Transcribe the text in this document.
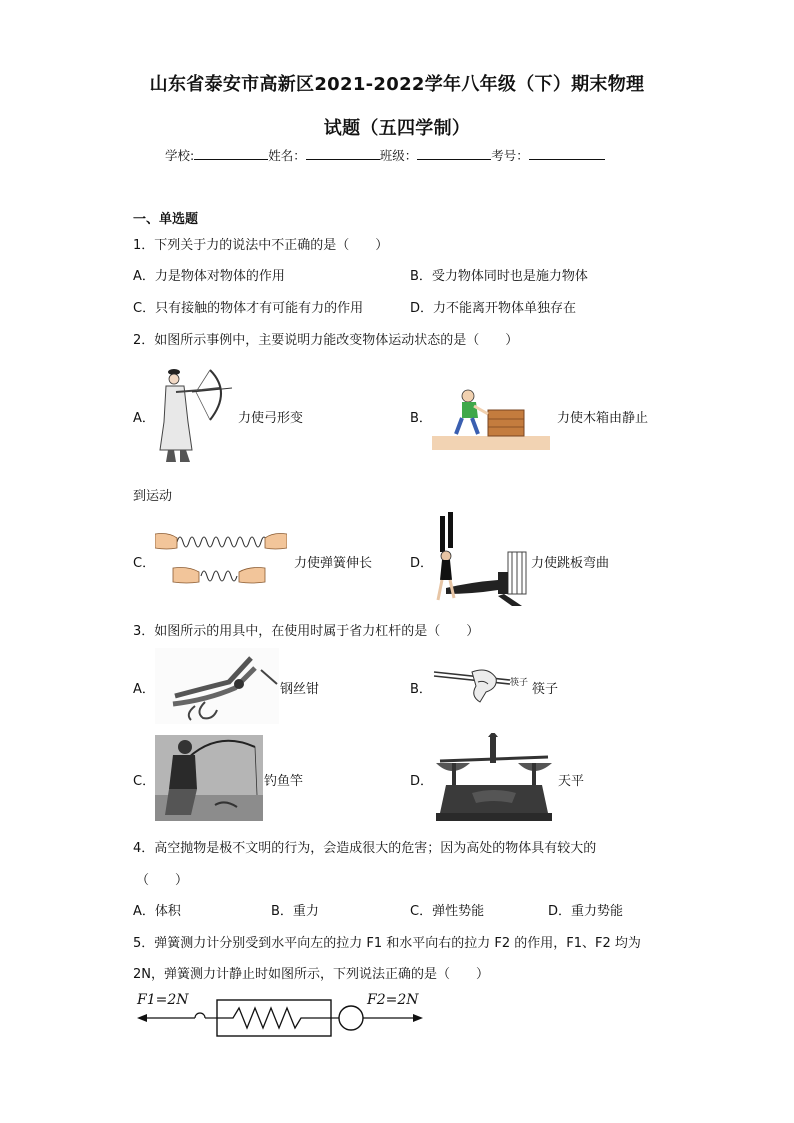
山东省泰安市高新区2021-2022学年八年级（下）期末物理
试题（五四学制）
学校:	姓名：	班级：	考号：
一、单选题
1．下列关于力的说法中不正确的是（　　）
A．力是物体对物体的作用	B．受力物体同时也是施力物体
C．只有接触的物体才有可能有力的作用	D．力不能离开物体单独存在
2．如图所示事例中，主要说明力能改变物体运动状态的是（　　）
A．	力使弓形变	B．	力使木箱由静止
到运动
C．	力使弹簧伸长	D．	力使跳板弯曲
3．如图所示的用具中，在使用时属于省力杠杆的是（　　）
A．	钢丝钳	B．	筷子 筷子
C．	钓鱼竿	D．	天平
4．高空抛物是极不文明的行为，会造成很大的危害；因为高处的物体具有较大的
（　　）
A．体积	B．重力	C．弹性势能	D．重力势能
5．弹簧测力计分别受到水平向左的拉力 F1 和水平向右的拉力 F2 的作用，F1、F2 均为
2N，弹簧测力计静止时如图所示，下列说法正确的是（　　）
F1=2N	F2=2N
